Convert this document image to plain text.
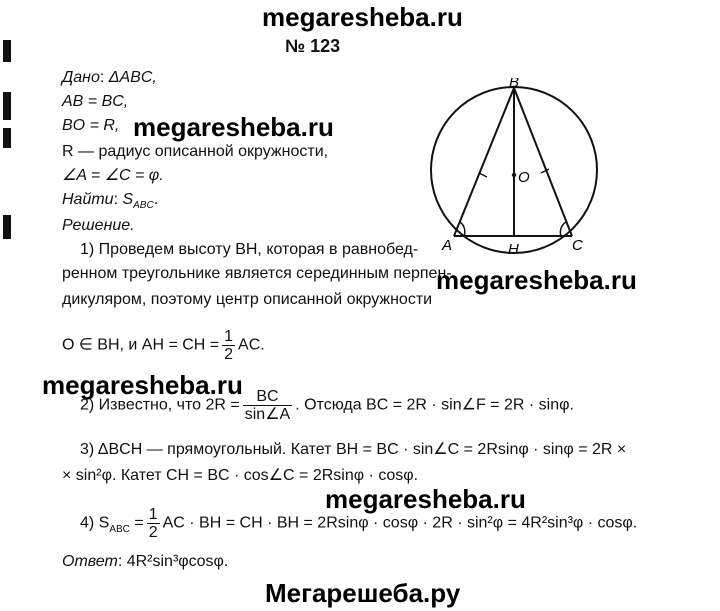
megaresheba.ru
№ 123
Дано: ΔABC,
AB = BC,
BO = R, megaresheba.ru
R — радиус описанной окружности,
∠A = ∠C = φ.
Найти: $S_{ABC}$.
Решение.
1) Проведем высоту BH, которая в равнобед-
ренном треугольнике является серединным перпен-
megaresheba.ru
дикуляром, поэтому центр описанной окружности
O ∈ BH, и AH = CH = $\frac{1}{2}$ AC.
megaresheba.ru
2) Известно, что $2R = \frac{BC}{\sin\angle A}$ . Отсюда BC = 2R · sin∠F = 2R · sinφ.
3) ΔBCH — прямоугольный. Катет BH = BC · sin∠C = 2Rsinφ · sinφ = 2R ×
× sin²φ. Катет CH = BC · cos∠C = 2Rsinφ · cosφ.
megaresheba.ru
4) $S_{ABC} = \frac{1}{2}$ AC · BH = CH · BH = 2Rsinφ · cosφ · 2R · sin²φ = 4R²sin³φ · cosφ.
Ответ: 4R²sin³φcosφ.
Мегарешеба.ру
B
O
A	H	C
